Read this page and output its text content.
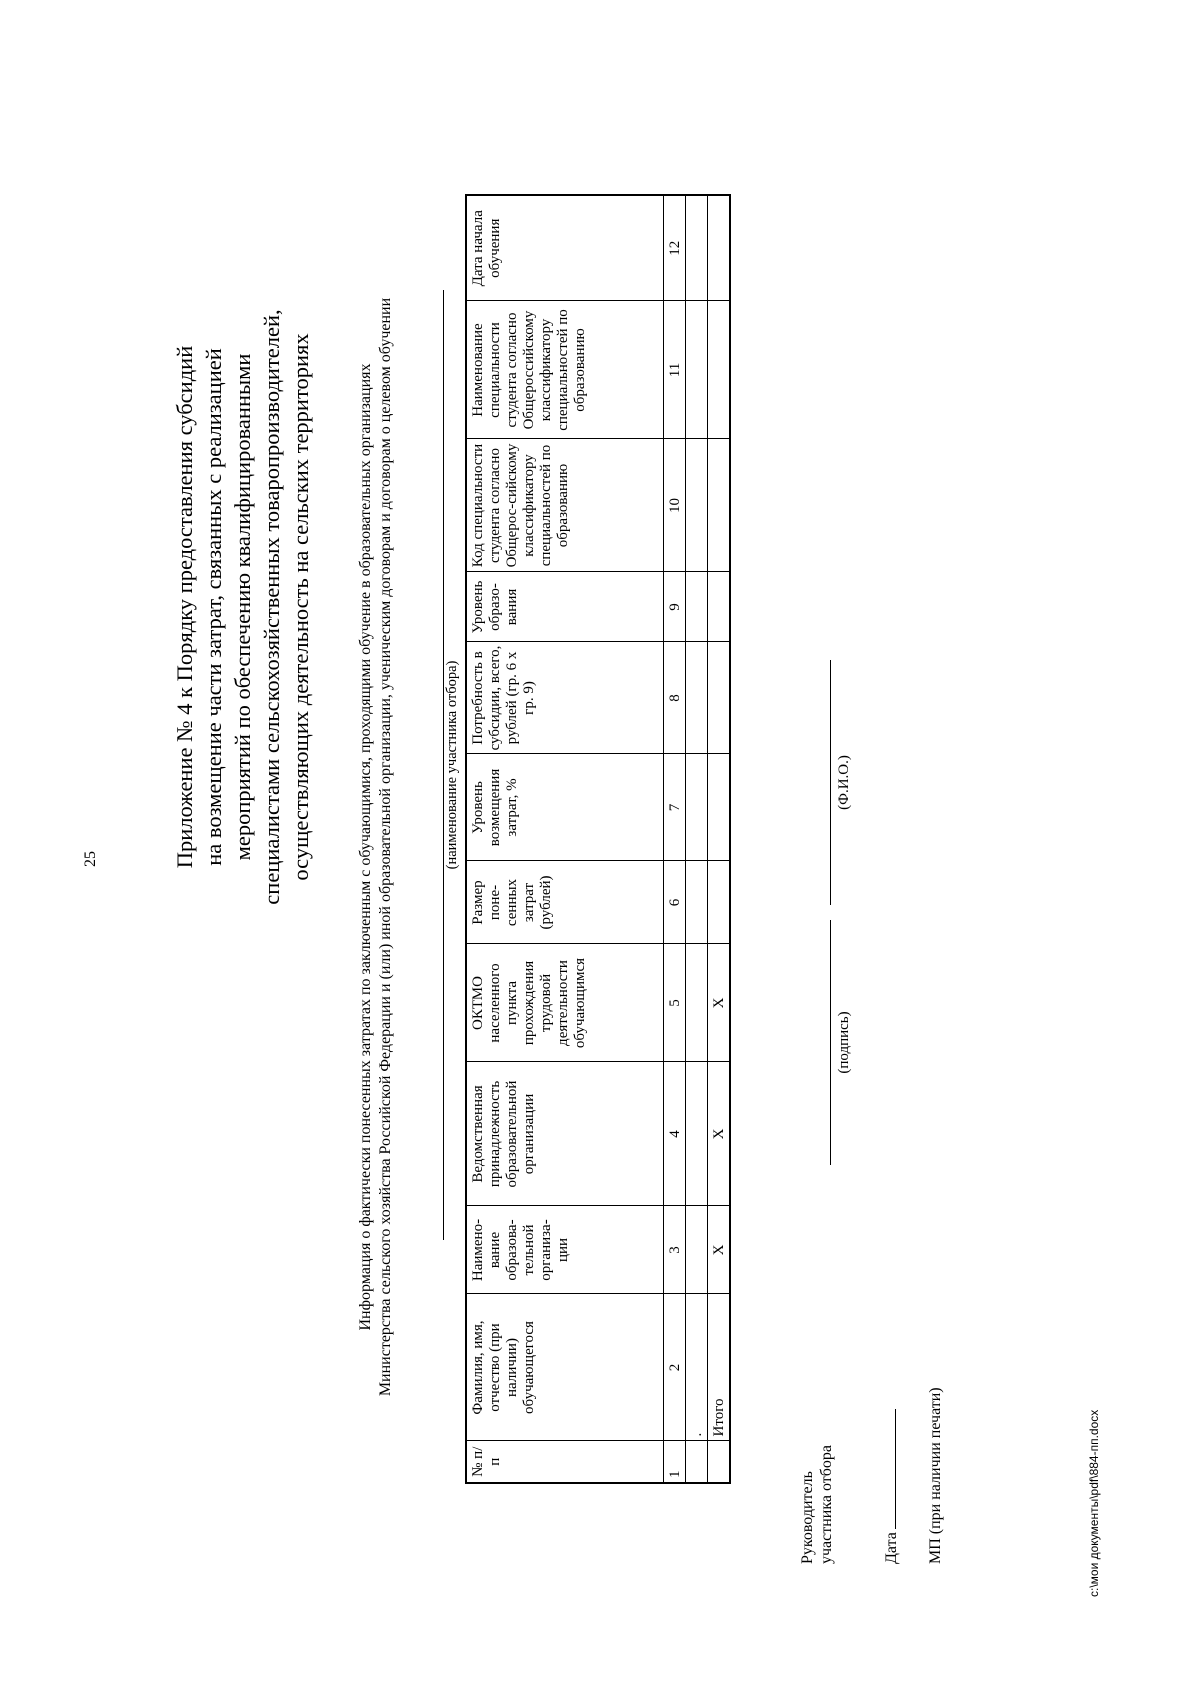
25	Приложение № 4 к Порядку предоставления субсидий на возмещение части затрат, связанных с реализацией мероприятий по обеспечению квалифицированными специалистами сельскохозяйственных товаропроизводителей, осуществляющих деятельность на сельских территориях	(наименование участника отбора)
Информация о фактически понесенных затратах по заключенным с обучающимися, проходящими обучение в образовательных организациях Министерства сельского хозяйства Российской Федерации и (или) иной образовательной организации, ученическим договорам и договорам о целевом обучении
№ п/п	Фамилия, имя, отчество (при наличии) обучающегося	Наимено-вание образова-тельной организа-ции	Ведомственная принадлежность образовательной организации	ОКТМО населенного пункта прохождения трудовой деятельности обучающимся	Размер поне-сенных затрат (рублей)	Уровень возмещения затрат, %	Потребность в субсидии, всего, рублей (гр. 6 х гр. 9)	Уровень образо-вания	Код специальности студента согласно Общерос-сийскому классификатору специальностей по образованию	Наименование специальности студента согласно Общероссийскому классификатору специальностей по образованию	Дата начала обучения
1	2	3	4	5	6	7	8	9	10	11	12
	.										
	Итого	X	X	X							
Руководитель участника отбора
(подпись)
(Ф.И.О.)
Дата МП (при наличии печати)	c:\мои документы\pdf\884-пп.docx
